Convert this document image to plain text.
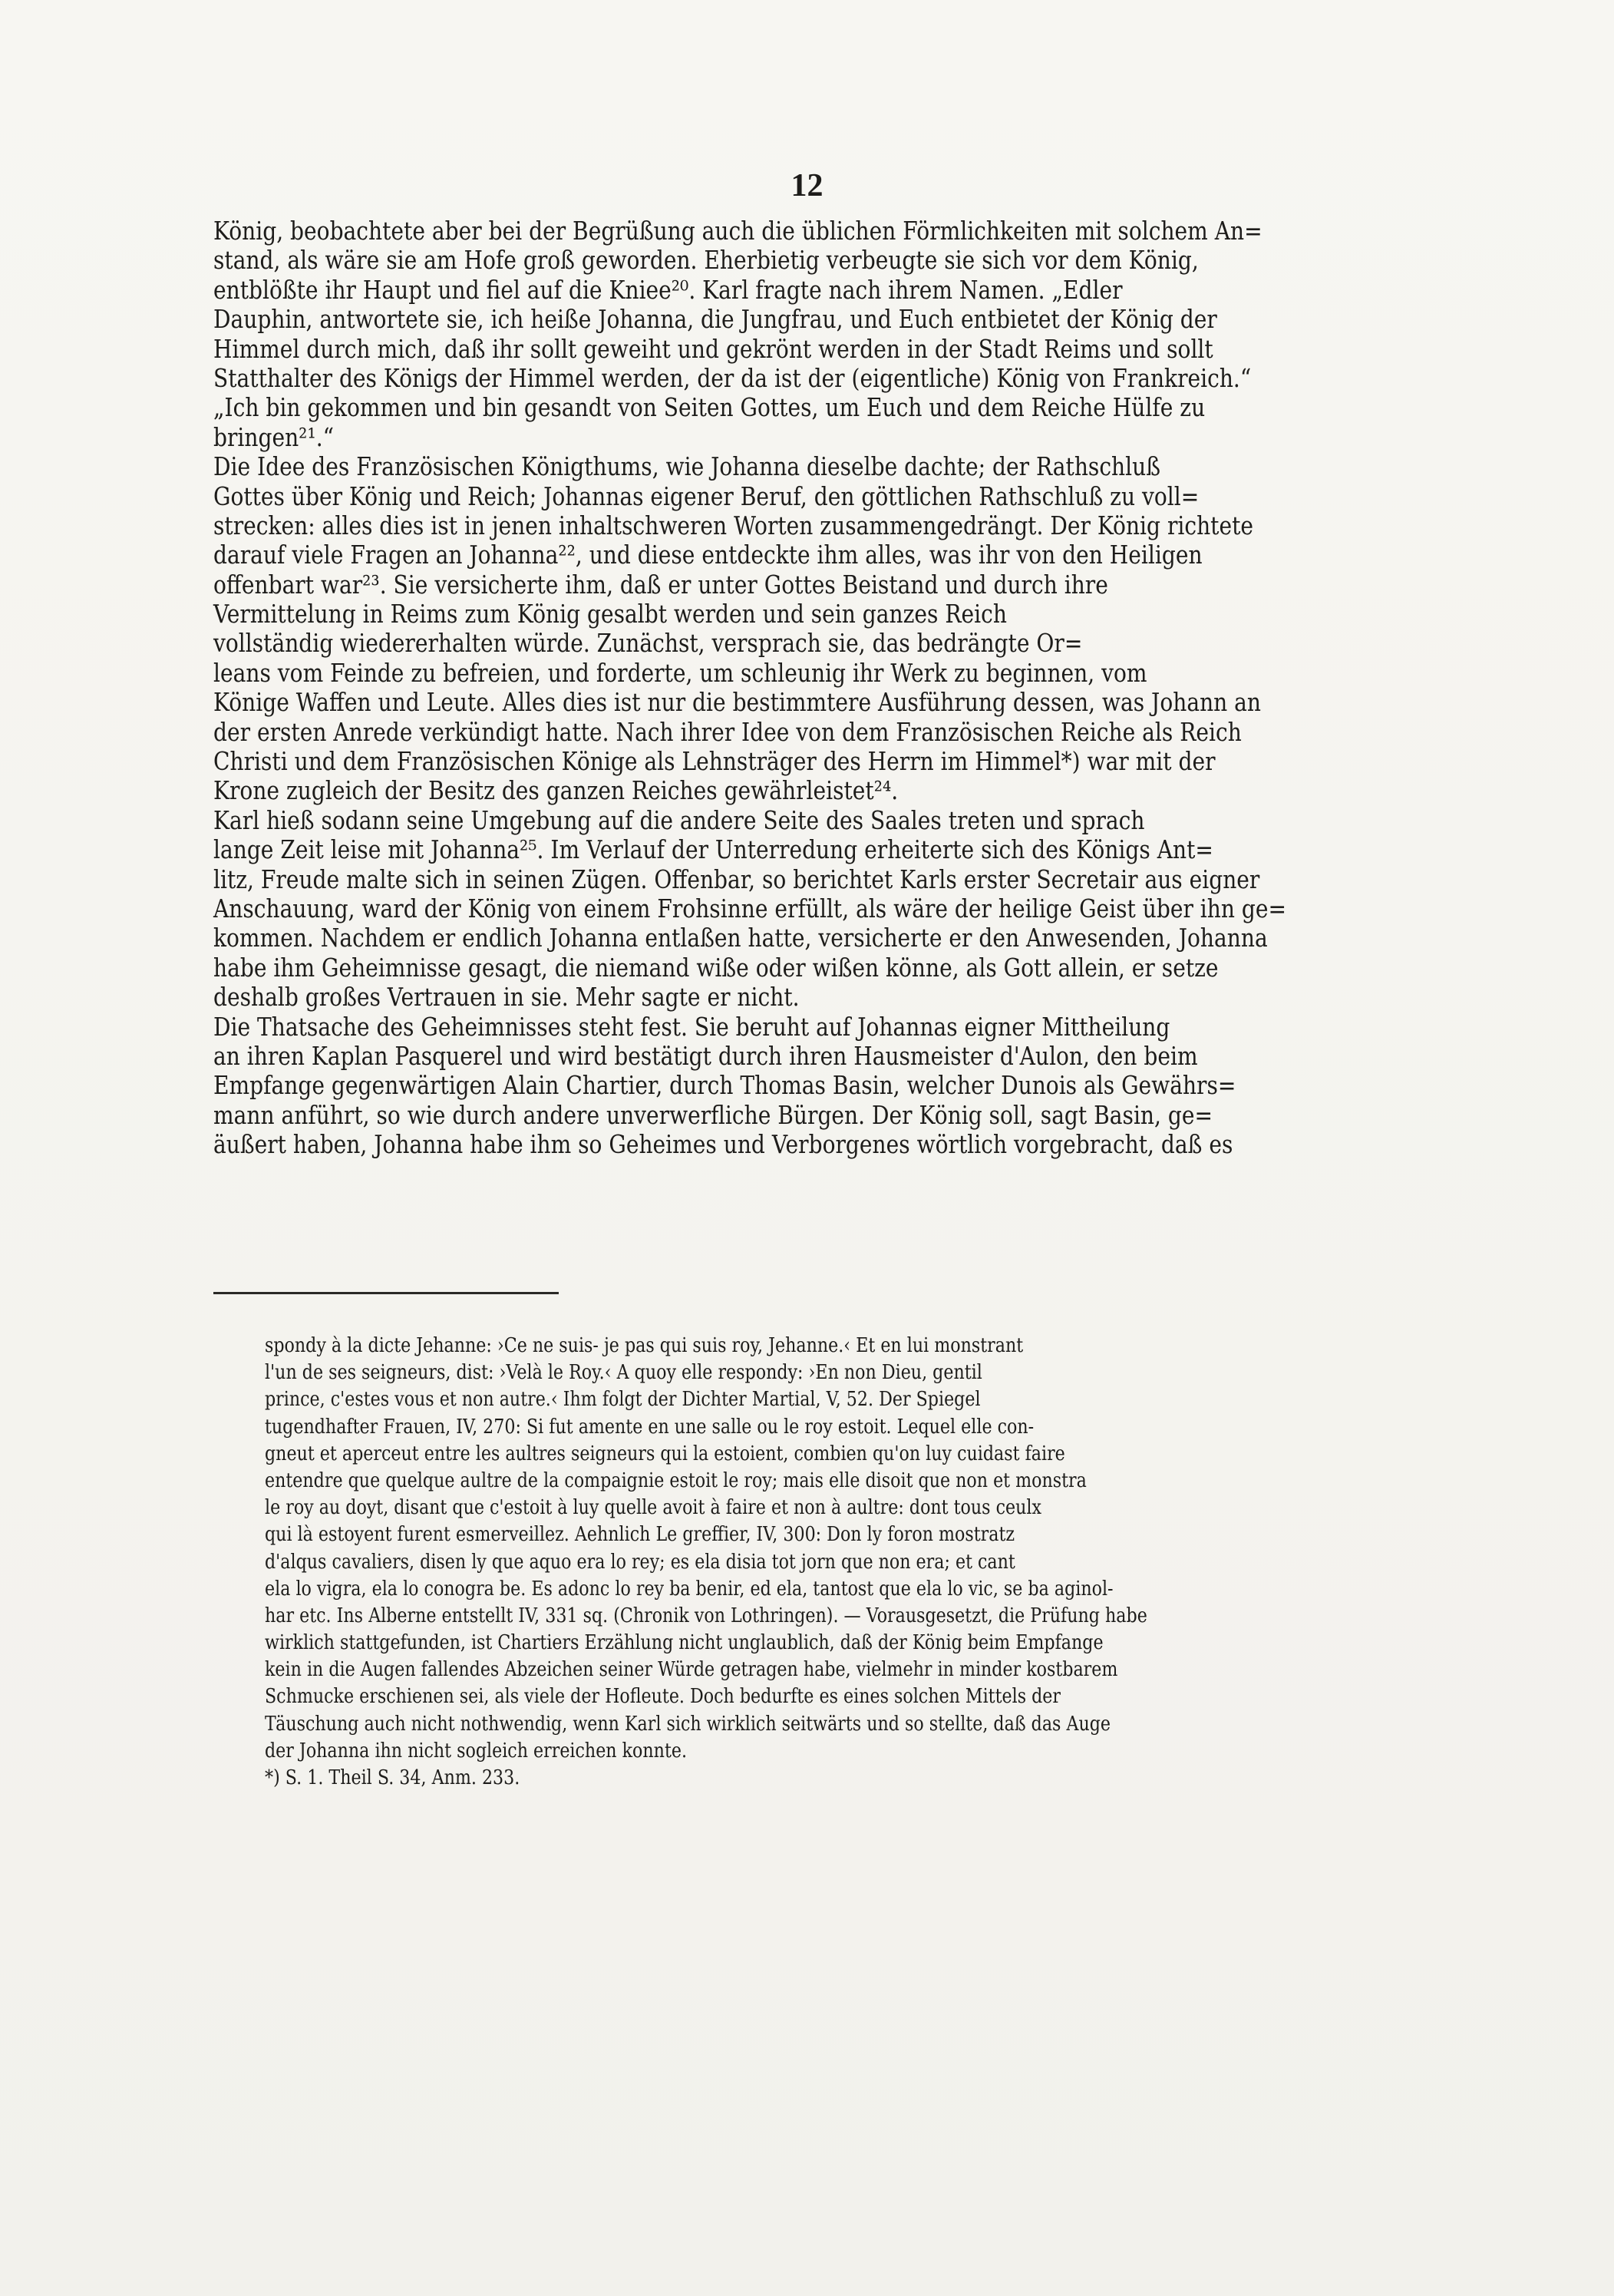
12
König, beobachtete aber bei der Begrüßung auch die üblichen Förmlichkeiten mit solchem An=
stand, als wäre sie am Hofe groß geworden. Eherbietig verbeugte sie sich vor dem König,
entblößte ihr Haupt und fiel auf die Kniee²⁰. Karl fragte nach ihrem Namen. „Edler
Dauphin, antwortete sie, ich heiße Johanna, die Jungfrau, und Euch entbietet der König der
Himmel durch mich, daß ihr sollt geweiht und gekrönt werden in der Stadt Reims und sollt
Statthalter des Königs der Himmel werden, der da ist der (eigentliche) König von Frankreich.“
„Ich bin gekommen und bin gesandt von Seiten Gottes, um Euch und dem Reiche Hülfe zu
bringen²¹.“
Die Idee des Französischen Königthums, wie Johanna dieselbe dachte; der Rathschluß
Gottes über König und Reich; Johannas eigener Beruf, den göttlichen Rathschluß zu voll=
strecken: alles dies ist in jenen inhaltschweren Worten zusammengedrängt. Der König richtete
darauf viele Fragen an Johanna²², und diese entdeckte ihm alles, was ihr von den Heiligen
offenbart war²³. Sie versicherte ihm, daß er unter Gottes Beistand und durch ihre
Vermittelung in Reims zum König gesalbt werden und sein ganzes Reich
vollständig wiedererhalten würde. Zunächst, versprach sie, das bedrängte Or=
leans vom Feinde zu befreien, und forderte, um schleunig ihr Werk zu beginnen, vom
Könige Waffen und Leute. Alles dies ist nur die bestimmtere Ausführung dessen, was Johann an
der ersten Anrede verkündigt hatte. Nach ihrer Idee von dem Französischen Reiche als Reich
Christi und dem Französischen Könige als Lehnsträger des Herrn im Himmel*) war mit der
Krone zugleich der Besitz des ganzen Reiches gewährleistet²⁴.
Karl hieß sodann seine Umgebung auf die andere Seite des Saales treten und sprach
lange Zeit leise mit Johanna²⁵. Im Verlauf der Unterredung erheiterte sich des Königs Ant=
litz, Freude malte sich in seinen Zügen. Offenbar, so berichtet Karls erster Secretair aus eigner
Anschauung, ward der König von einem Frohsinne erfüllt, als wäre der heilige Geist über ihn ge=
kommen. Nachdem er endlich Johanna entlaßen hatte, versicherte er den Anwesenden, Johanna
habe ihm Geheimnisse gesagt, die niemand wiße oder wißen könne, als Gott allein, er setze
deshalb großes Vertrauen in sie. Mehr sagte er nicht.
Die Thatsache des Geheimnisses steht fest. Sie beruht auf Johannas eigner Mittheilung
an ihren Kaplan Pasquerel und wird bestätigt durch ihren Hausmeister d'Aulon, den beim
Empfange gegenwärtigen Alain Chartier, durch Thomas Basin, welcher Dunois als Gewährs=
mann anführt, so wie durch andere unverwerfliche Bürgen. Der König soll, sagt Basin, ge=
äußert haben, Johanna habe ihm so Geheimes und Verborgenes wörtlich vorgebracht, daß es
spondy à la dicte Jehanne: ›Ce ne suis- je pas qui suis roy, Jehanne.‹ Et en lui monstrant
l'un de ses seigneurs, dist: ›Velà le Roy.‹ A quoy elle respondy: ›En non Dieu, gentil
prince, c'estes vous et non autre.‹ Ihm folgt der Dichter Martial, V, 52. Der Spiegel
tugendhafter Frauen, IV, 270: Si fut amente en une salle ou le roy estoit. Lequel elle con-
gneut et aperceut entre les aultres seigneurs qui la estoient, combien qu'on luy cuidast faire
entendre que quelque aultre de la compaignie estoit le roy; mais elle disoit que non et monstra
le roy au doyt, disant que c'estoit à luy quelle avoit à faire et non à aultre: dont tous ceulx
qui là estoyent furent esmerveillez. Aehnlich Le greffier, IV, 300: Don ly foron mostratz
d'alqus cavaliers, disen ly que aquo era lo rey; es ela disia tot jorn que non era; et cant
ela lo vigra, ela lo conogra be. Es adonc lo rey ba benir, ed ela, tantost que ela lo vic, se ba aginol-
har etc. Ins Alberne entstellt IV, 331 sq. (Chronik von Lothringen). — Vorausgesetzt, die Prüfung habe
wirklich stattgefunden, ist Chartiers Erzählung nicht unglaublich, daß der König beim Empfange
kein in die Augen fallendes Abzeichen seiner Würde getragen habe, vielmehr in minder kostbarem
Schmucke erschienen sei, als viele der Hofleute. Doch bedurfte es eines solchen Mittels der
Täuschung auch nicht nothwendig, wenn Karl sich wirklich seitwärts und so stellte, daß das Auge
der Johanna ihn nicht sogleich erreichen konnte.
*) S. 1. Theil S. 34, Anm. 233.
